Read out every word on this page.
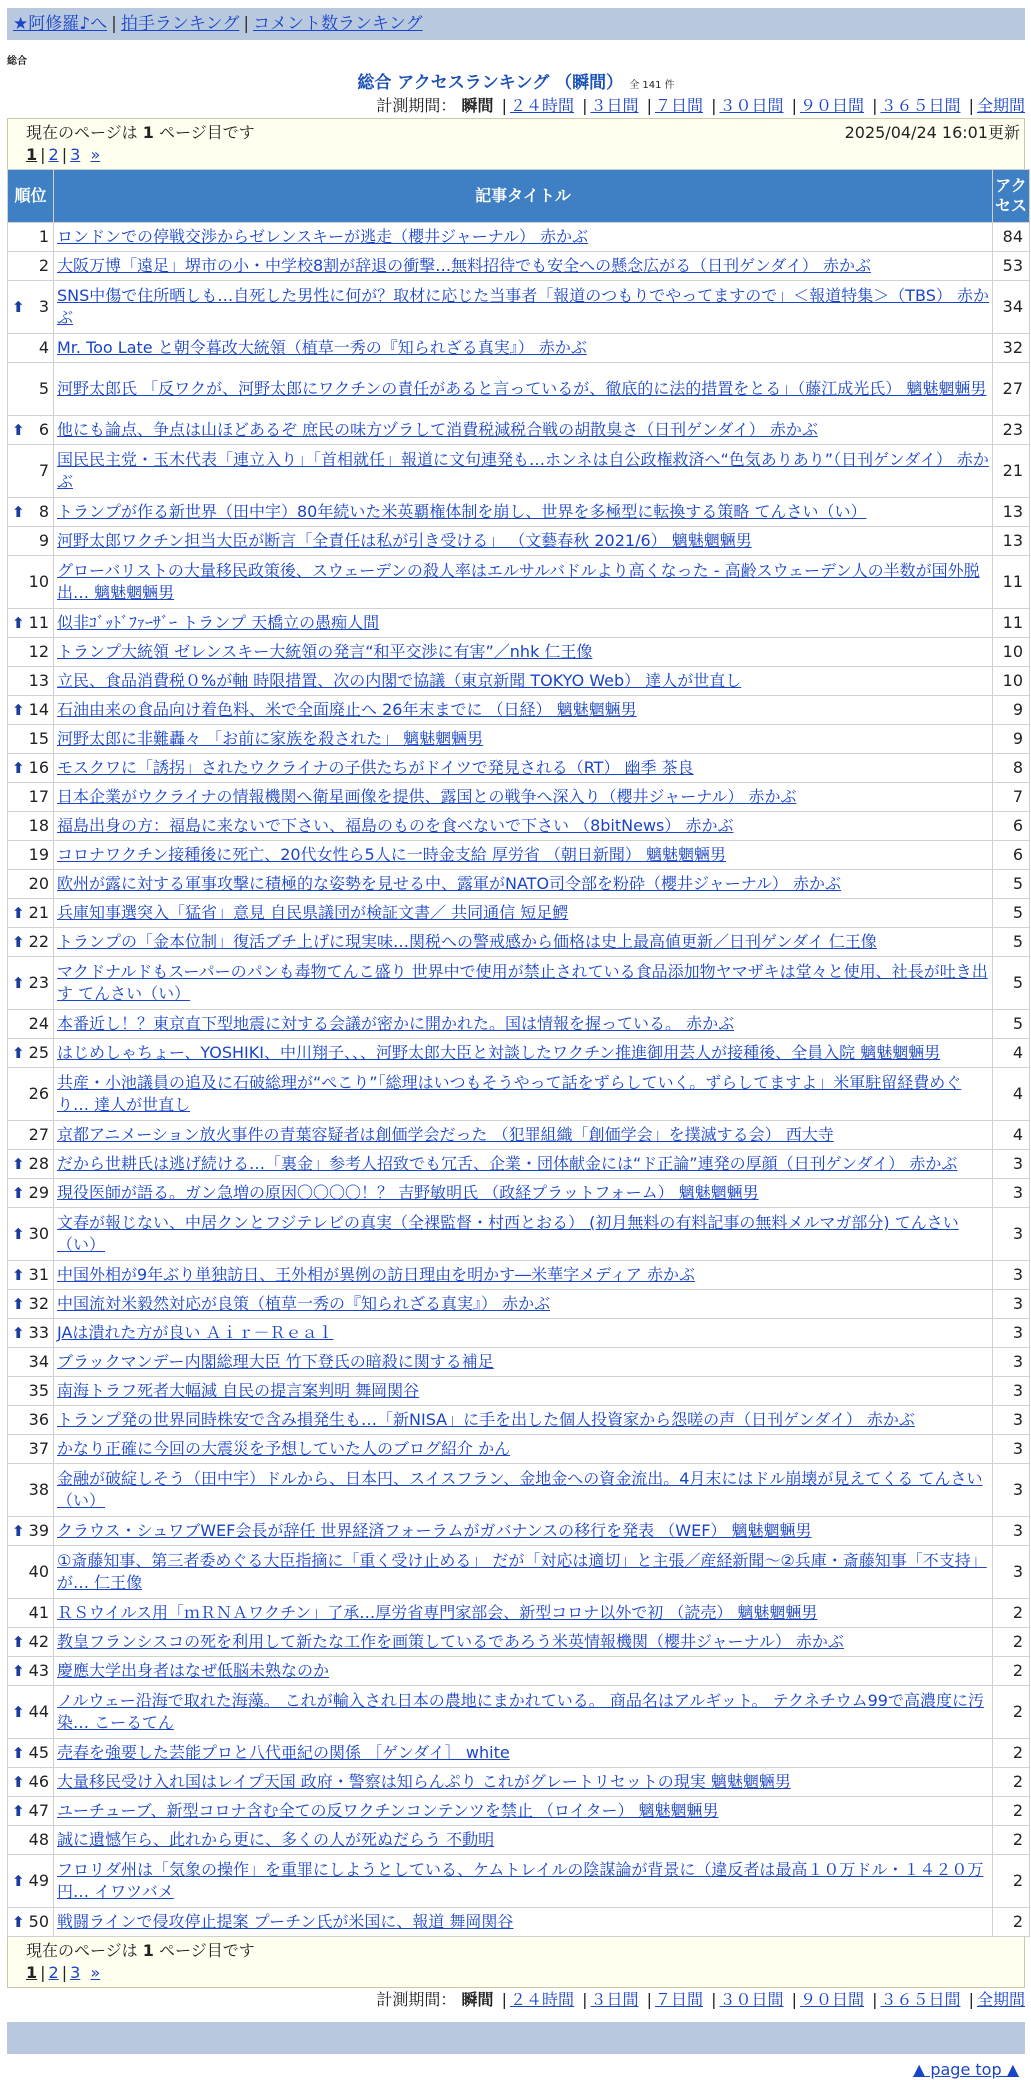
★阿修羅♪へ | 拍手ランキング | コメント数ランキング
総合
総合 アクセスランキング （瞬間） 全 141 件
計測期間： 瞬間 | ２４時間 | ３日間 | ７日間 | ３０日間 | ９０日間 | ３６５日間 | 全期間
現在のページは 1 ページ目です	2025/04/24 16:01更新
1 | 2 | 3 »
順位	記事タイトル	アクセス
1	ロンドンでの停戦交渉からゼレンスキーが逃走（櫻井ジャーナル） 赤かぶ	84
2	大阪万博「遠足」堺市の小・中学校8割が辞退の衝撃…無料招待でも安全への懸念広がる（日刊ゲンダイ） 赤かぶ	53

⬆ 3	SNS中傷で住所晒しも…自死した男性に何が？取材に応じた当事者「報道のつもりでやってますので」＜報道特集＞（TBS） 赤かぶ	34
4	Mr. Too Late と朝令暮改大統領（植草一秀の『知られざる真実』） 赤かぶ	32
5	河野太郎氏 「反ワクが、河野太郎にワクチンの責任があると言っているが、徹底的に法的措置をとる」（藤江成光氏） 魑魅魍魎男	27

⬆ 6	他にも論点、争点は山ほどあるぞ 庶民の味方ヅラして消費税減税合戦の胡散臭さ（日刊ゲンダイ） 赤かぶ	23
7	国民民主党・玉木代表「連立入り」「首相就任」報道に文句連発も…ホンネは自公政権救済へ“色気ありあり”（日刊ゲンダイ） 赤かぶ	21

⬆ 8	トランプが作る新世界（田中宇）80年続いた米英覇権体制を崩し、世界を多極型に転換する策略 てんさい（い）	13
9	河野太郎ワクチン担当大臣が断言「全責任は私が引き受ける」 （文藝春秋 2021/6） 魑魅魍魎男	13
10	グローバリストの大量移民政策後、スウェーデンの殺人率はエルサルバドルより高くなった - 高齢スウェーデン人の半数が国外脱出… 魑魅魍魎男	11

⬆ 11	似非ｺﾞｯﾄﾞﾌｧｰｻﾞｰ トランプ 天橋立の愚痴人間	11
12	トランプ大統領 ゼレンスキー大統領の発言“和平交渉に有害”／nhk 仁王像	10
13	立民、食品消費税０%が軸 時限措置、次の内閣で協議（東京新聞 TOKYO Web） 達人が世直し	10

⬆ 14	石油由来の食品向け着色料、米で全面廃止へ 26年末までに （日経） 魑魅魍魎男	9
15	河野太郎に非難轟々 「お前に家族を殺された」 魑魅魍魎男	9

⬆ 16	モスクワに「誘拐」されたウクライナの子供たちがドイツで発見される（RT） 幽季 茶良	8
17	日本企業がウクライナの情報機関へ衛星画像を提供、露国との戦争へ深入り（櫻井ジャーナル） 赤かぶ	7
18	福島出身の方：福島に来ないで下さい、福島のものを食べないで下さい （8bitNews） 赤かぶ	6
19	コロナワクチン接種後に死亡、20代女性ら5人に一時金支給 厚労省 （朝日新聞） 魑魅魍魎男	6
20	欧州が露に対する軍事攻撃に積極的な姿勢を見せる中、露軍がNATO司令部を粉砕（櫻井ジャーナル） 赤かぶ	5

⬆ 21	兵庫知事選突入「猛省」意見 自民県議団が検証文書／ 共同通信 短足鰐	5

⬆ 22	トランプの「金本位制」復活ブチ上げに現実味…関税への警戒感から価格は史上最高値更新／日刊ゲンダイ 仁王像	5

⬆ 23	マクドナルドもスーパーのパンも毒物てんこ盛り 世界中で使用が禁止されている食品添加物ヤマザキは堂々と使用、社長が吐き出す てんさい（い）	5
24	本番近し！？東京直下型地震に対する会議が密かに開かれた。国は情報を握っている。 赤かぶ	5

⬆ 25	はじめしゃちょー、YOSHIKI、中川翔子、、、河野太郎大臣と対談したワクチン推進御用芸人が接種後、全員入院 魑魅魍魎男	4
26	共産・小池議員の追及に石破総理が“ぺこり”「総理はいつもそうやって話をずらしていく。ずらしてますよ」米軍駐留経費めぐり… 達人が世直し	4
27	京都アニメーション放火事件の青葉容疑者は創価学会だった （犯罪組織「創価学会」を撲滅する会） 西大寺	4

⬆ 28	だから世耕氏は逃げ続ける…「裏金」参考人招致でも冗舌、企業・団体献金には“ド正論”連発の厚顔（日刊ゲンダイ） 赤かぶ	3

⬆ 29	現役医師が語る。ガン急増の原因〇〇〇〇！？ 吉野敏明氏 （政経プラットフォーム） 魑魅魍魎男	3

⬆ 30	文春が報じない、中居クンとフジテレビの真実（全裸監督・村西とおる） (初月無料の有料記事の無料メルマガ部分) てんさい（い）	3

⬆ 31	中国外相が9年ぶり単独訪日、王外相が異例の訪日理由を明かす―米華字メディア 赤かぶ	3

⬆ 32	中国流対米毅然対応が良策（植草一秀の『知られざる真実』） 赤かぶ	3

⬆ 33	JAは潰れた方が良い Ａｉｒ－Ｒｅａｌ	3
34	ブラックマンデー内閣総理大臣 竹下登氏の暗殺に関する補足	3
35	南海トラフ死者大幅減 自民の提言案判明 舞岡関谷	3
36	トランプ発の世界同時株安で含み損発生も…「新NISA」に手を出した個人投資家から怨嗟の声（日刊ゲンダイ） 赤かぶ	3
37	かなり正確に今回の大震災を予想していた人のブログ紹介 かん	3
38	金融が破綻しそう（田中宇）ドルから、日本円、スイスフラン、金地金への資金流出。4月末にはドル崩壊が見えてくる てんさい（い）	3

⬆ 39	クラウス・シュワブWEF会長が辞任 世界経済フォーラムがガバナンスの移行を発表 （WEF） 魑魅魍魎男	3
40	①斎藤知事、第三者委めぐる大臣指摘に「重く受け止める」 だが「対応は適切」と主張／産経新聞～②兵庫・斎藤知事「不支持」が… 仁王像	3
41	ＲＳウイルス用「ｍＲＮＡワクチン」了承…厚労省専門家部会、新型コロナ以外で初 （読売） 魑魅魍魎男	2

⬆ 42	教皇フランシスコの死を利用して新たな工作を画策しているであろう米英情報機関（櫻井ジャーナル） 赤かぶ	2

⬆ 43	慶應大学出身者はなぜ低脳未熟なのか	2

⬆ 44	ノルウェー沿海で取れた海藻。 これが輸入され日本の農地にまかれている。 商品名はアルギット。 テクネチウム99で高濃度に汚染… こーるてん	2

⬆ 45	売春を強要した芸能プロと八代亜紀の関係 ［ゲンダイ］ white	2

⬆ 46	大量移民受け入れ国はレイプ天国 政府・警察は知らんぷり これがグレートリセットの現実 魑魅魍魎男	2

⬆ 47	ユーチューブ、新型コロナ含む全ての反ワクチンコンテンツを禁止 （ロイター） 魑魅魍魎男	2
48	誠に遺憾乍ら、此れから更に、多くの人が死ぬだらう 不動明	2

⬆ 49	フロリダ州は「気象の操作」を重罪にしようとしている、ケムトレイルの陰謀論が背景に（違反者は最高１０万ドル・１４２０万円… イワツバメ	2

⬆ 50	戦闘ラインで侵攻停止提案 プーチン氏が米国に、報道 舞岡関谷	2
現在のページは 1 ページ目です
1 | 2 | 3 »
計測期間： 瞬間 | ２４時間 | ３日間 | ７日間 | ３０日間 | ９０日間 | ３６５日間 | 全期間
▲ page top ▲
